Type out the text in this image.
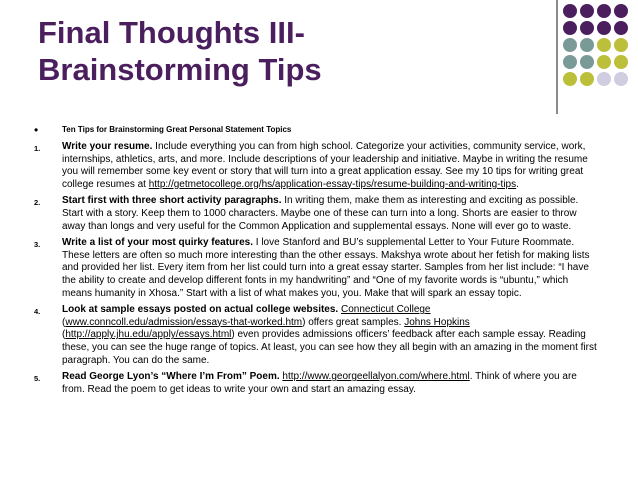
Final Thoughts III-
Brainstorming Tips
•	Ten Tips for Brainstorming Great Personal Statement Topics
1.	Write your resume. Include everything you can from high school. Categorize your activities, community service, work, internships, athletics, arts, and more. Include descriptions of your leadership and initiative. Maybe in writing the resume you will remember some key event or story that will turn into a great application essay. See my 10 tips for writing great college resumes at http://getmetocollege.org/hs/application-essay-tips/resume-building-and-writing-tips.
2.	Start first with three short activity paragraphs. In writing them, make them as interesting and exciting as possible. Start with a story. Keep them to 1000 characters. Maybe one of these can turn into a long. Shorts are easier to throw away than longs and very useful for the Common Application and supplemental essays. None will ever go to waste.
3.	Write a list of your most quirky features. I love Stanford and BU’s supplemental Letter to Your Future Roommate. These letters are often so much more interesting than the other essays. Makshya wrote about her fetish for making lists and provided her list. Every item from her list could turn into a great essay starter. Samples from her list include: “I have the ability to create and develop different fonts in my handwriting” and “One of my favorite words is “ubuntu,” which means humanity in Xhosa.” Start with a list of what makes you, you. Make that will spark an essay topic.
4.	Look at sample essays posted on actual college websites. Connecticut College (www.conncoll.edu/admission/essays-that-worked.htm) offers great samples. Johns Hopkins (http://apply.jhu.edu/apply/essays.html) even provides admissions officers’ feedback after each sample essay. Reading these, you can see the huge range of topics. At least, you can see how they all begin with an amazing in the moment first paragraph. You can do the same.
5.	Read George Lyon’s “Where I’m From” Poem. http://www.georgeellalyon.com/where.html. Think of where you are from. Read the poem to get ideas to write your own and start an amazing essay.
